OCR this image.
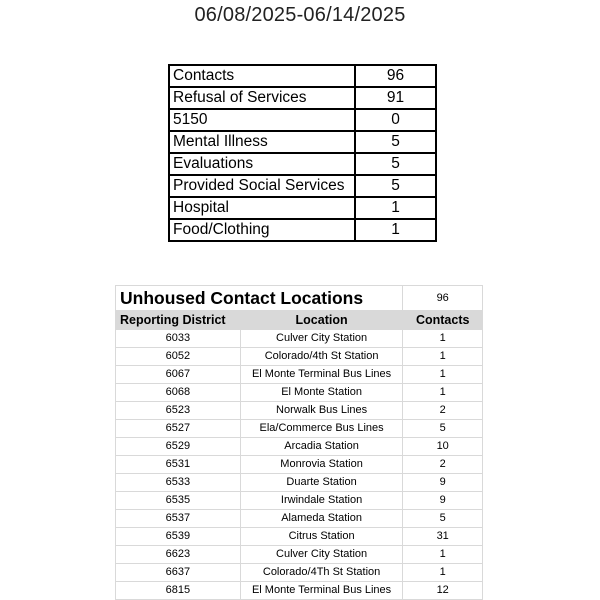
06/08/2025-06/14/2025
Contacts	96
Refusal of Services	91
5150	0
Mental Illness	5
Evaluations	5
Provided Social Services	5
Hospital	1
Food/Clothing	1
Unhoused Contact Locations		96
Reporting District	Location	Contacts
6033	Culver City Station	1
6052	Colorado/4th St Station	1
6067	El Monte Terminal Bus Lines	1
6068	El Monte Station	1
6523	Norwalk Bus Lines	2
6527	Ela/Commerce Bus Lines	5
6529	Arcadia Station	10
6531	Monrovia Station	2
6533	Duarte Station	9
6535	Irwindale Station	9
6537	Alameda Station	5
6539	Citrus Station	31
6623	Culver City Station	1
6637	Colorado/4Th St Station	1
6815	El Monte Terminal Bus Lines	12
